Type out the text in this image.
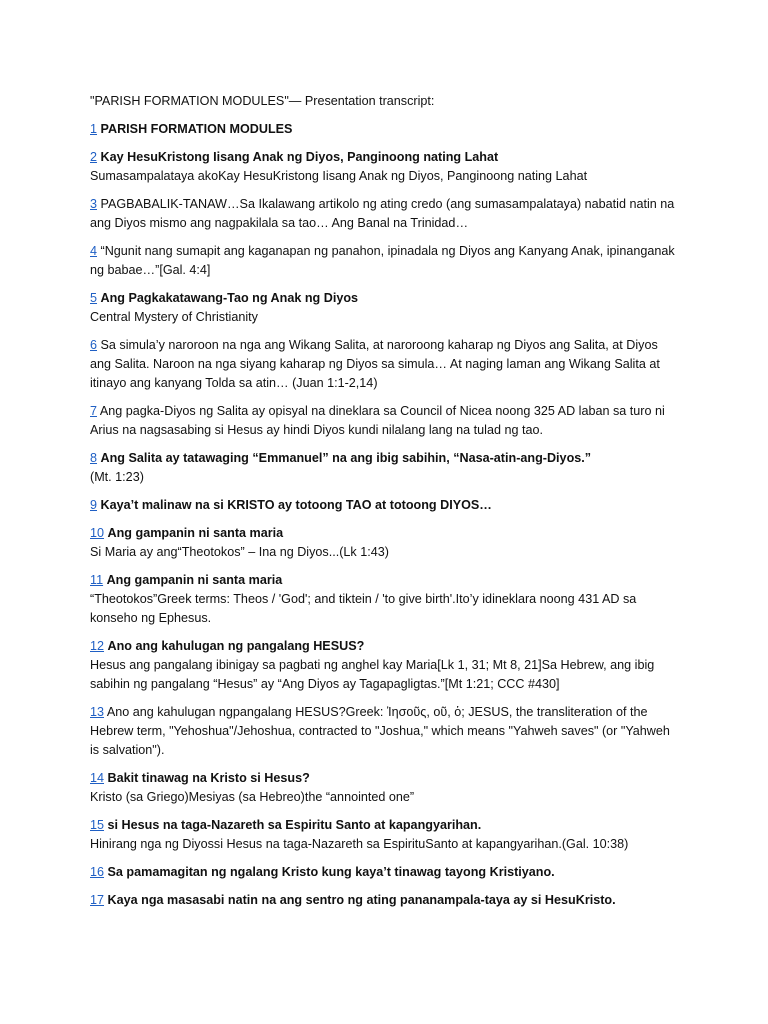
"PARISH FORMATION MODULES"— Presentation transcript:

1 PARISH FORMATION MODULES

2 Kay HesuKristong Iisang Anak ng Diyos, Panginoong nating Lahat

Sumasampalataya akoKay HesuKristong Iisang Anak ng Diyos, Panginoong nating Lahat

3 PAGBABALIK-TANAW…Sa Ikalawang artikolo ng ating credo (ang sumasampalataya) nabatid natin na ang Diyos mismo ang nagpakilala sa tao… Ang Banal na Trinidad…

4 “Ngunit nang sumapit ang kaganapan ng panahon, ipinadala ng Diyos ang Kanyang Anak, ipinanganak ng babae…”[Gal. 4:4]

5 Ang Pagkakatawang-Tao ng Anak ng Diyos

Central Mystery of Christianity

6 Sa simula’y naroroon na nga ang Wikang Salita, at naroroong kaharap ng Diyos ang Salita, at Diyos ang Salita. Naroon na nga siyang kaharap ng Diyos sa simula… At naging laman ang Wikang Salita at itinayo ang kanyang Tolda sa atin… (Juan 1:1-2,14)

7 Ang pagka-Diyos ng Salita ay opisyal na dineklara sa Council of Nicea noong 325 AD laban sa turo ni Arius na nagsasabing si Hesus ay hindi Diyos kundi nilalang lang na tulad ng tao.

8 Ang Salita ay tatawaging “Emmanuel” na ang ibig sabihin, “Nasa-atin-ang-Diyos.”

(Mt. 1:23)

9 Kaya’t malinaw na si KRISTO ay totoong TAO at totoong DIYOS…

10 Ang gampanin ni santa maria

Si Maria ay ang“Theotokos” – Ina ng Diyos...(Lk 1:43)

11 Ang gampanin ni santa maria

“Theotokos”Greek terms: Theos / 'God'; and tiktein / 'to give birth'.Ito’y idineklara noong 431 AD sa konseho ng Ephesus.

12 Ano ang kahulugan ng pangalang HESUS?

Hesus ang pangalang ibinigay sa pagbati ng anghel kay Maria[Lk 1, 31; Mt 8, 21]Sa Hebrew, ang ibig sabihin ng pangalang “Hesus” ay “Ang Diyos ay Tagapagligtas.”[Mt 1:21; CCC #430]

13 Ano ang kahulugan ngpangalang HESUS?Greek: Ἰησοῦς, οῦ, ὁ; JESUS, the transliteration of the Hebrew term, "Yehoshua"/Jehoshua, contracted to "Joshua," which means "Yahweh saves" (or "Yahweh is salvation").

14 Bakit tinawag na Kristo si Hesus?

Kristo (sa Griego)Mesiyas (sa Hebreo)the “annointed one”

15 si Hesus na taga-Nazareth sa Espiritu Santo at kapangyarihan.

Hinirang nga ng Diyossi Hesus na taga-Nazareth sa EspirituSanto at kapangyarihan.(Gal. 10:38)

16 Sa pamamagitan ng ngalang Kristo kung kaya’t tinawag tayong Kristiyano.

17 Kaya nga masasabi natin na ang sentro ng ating pananampala-taya ay si HesuKristo.
